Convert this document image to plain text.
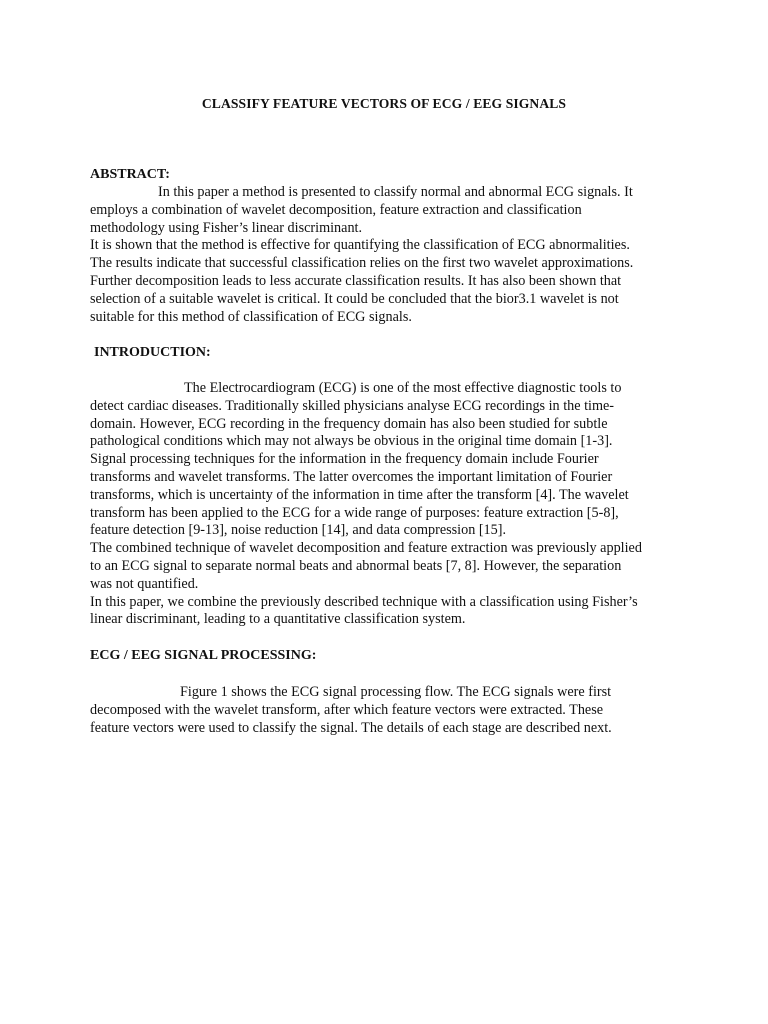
CLASSIFY FEATURE VECTORS OF ECG / EEG SIGNALS
ABSTRACT:
In this paper a method is presented to classify normal and abnormal ECG signals. It
employs a combination of wavelet decomposition, feature extraction and classification
methodology using Fisher’s linear discriminant.
It is shown that the method is effective for quantifying the classification of ECG abnormalities.
The results indicate that successful classification relies on the first two wavelet approximations.
Further decomposition leads to less accurate classification results. It has also been shown that
selection of a suitable wavelet is critical. It could be concluded that the bior3.1 wavelet is not
suitable for this method of classification of ECG signals.
INTRODUCTION:
The Electrocardiogram (ECG) is one of the most effective diagnostic tools to
detect cardiac diseases. Traditionally skilled physicians analyse ECG recordings in the time-
domain. However, ECG recording in the frequency domain has also been studied for subtle
pathological conditions which may not always be obvious in the original time domain [1-3].
Signal processing techniques for the information in the frequency domain include Fourier
transforms and wavelet transforms. The latter overcomes the important limitation of Fourier
transforms, which is uncertainty of the information in time after the transform [4]. The wavelet
transform has been applied to the ECG for a wide range of purposes: feature extraction [5-8],
feature detection [9-13], noise reduction [14], and data compression [15].
The combined technique of wavelet decomposition and feature extraction was previously applied
to an ECG signal to separate normal beats and abnormal beats [7, 8]. However, the separation
was not quantified.
In this paper, we combine the previously described technique with a classification using Fisher’s
linear discriminant, leading to a quantitative classification system.
ECG / EEG SIGNAL PROCESSING:
Figure 1 shows the ECG signal processing flow. The ECG signals were first
decomposed with the wavelet transform, after which feature vectors were extracted. These
feature vectors were used to classify the signal. The details of each stage are described next.
